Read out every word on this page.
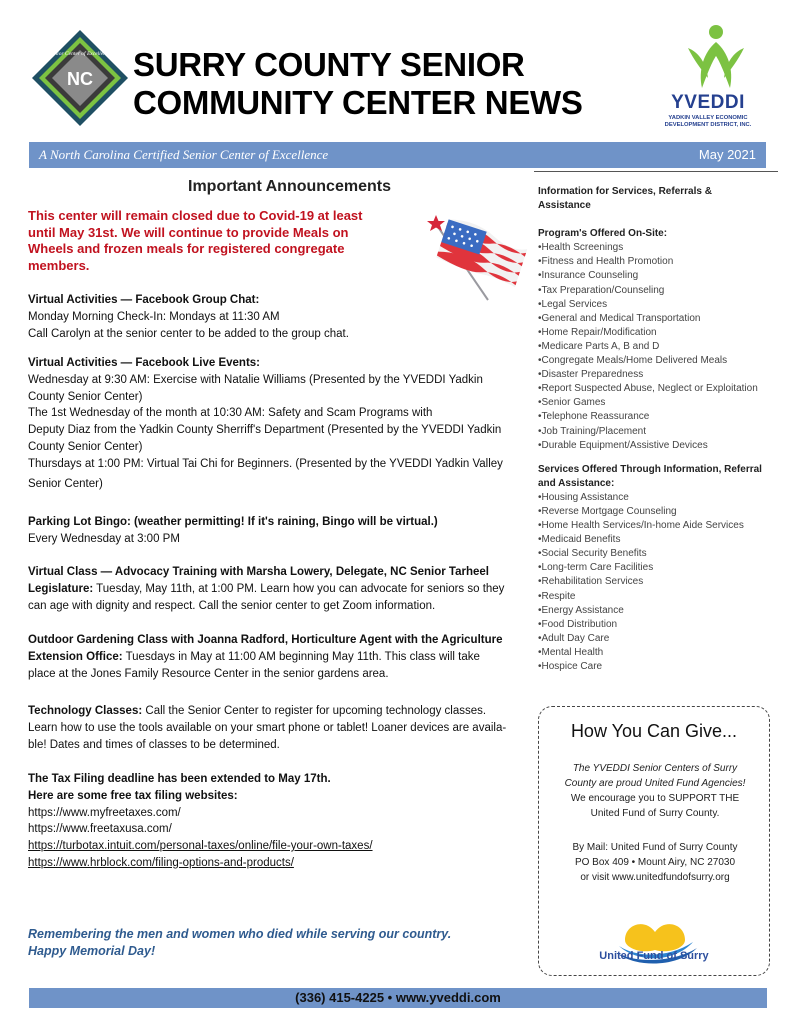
Senior Center of Excellence
NC SURRY COUNTY SENIOR
COMMUNITY CENTER NEWS	YVEDDI
YADKIN VALLEY ECONOMIC
DEVELOPMENT DISTRICT, INC.
A North Carolina Certified Senior Center of Excellence	May 2021
Important Announcements
This center will remain closed due to Covid-19 at least until May 31st. We will continue to provide Meals on Wheels and frozen meals for registered congregate members.
Virtual Activities — Facebook Group Chat:
Monday Morning Check-In: Mondays at 11:30 AM
Call Carolyn at the senior center to be added to the group chat.
Virtual Activities — Facebook Live Events:
Wednesday at 9:30 AM: Exercise with Natalie Williams (Presented by the YVEDDI Yadkin
County Senior Center)
The 1st Wednesday of the month at 10:30 AM: Safety and Scam Programs with
Deputy Diaz from the Yadkin County Sherriff's Department (Presented by the YVEDDI Yadkin
County Senior Center)
Thursdays at 1:00 PM: Virtual Tai Chi for Beginners. (Presented by the YVEDDI Yadkin Valley
Senior Center)
Parking Lot Bingo: (weather permitting! If it's raining, Bingo will be virtual.)
Every Wednesday at 3:00 PM
Virtual Class — Advocacy Training with Marsha Lowery, Delegate, NC Senior Tarheel
Legislature: Tuesday, May 11th, at 1:00 PM. Learn how you can advocate for seniors so they
can age with dignity and respect. Call the senior center to get Zoom information.
Outdoor Gardening Class with Joanna Radford, Horticulture Agent with the Agriculture
Extension Office: Tuesdays in May at 11:00 AM beginning May 11th. This class will take
place at the Jones Family Resource Center in the senior gardens area.
Technology Classes: Call the Senior Center to register for upcoming technology classes.
Learn how to use the tools available on your smart phone or tablet! Loaner devices are availa-
ble! Dates and times of classes to be determined.
The Tax Filing deadline has been extended to May 17th.
Here are some free tax filing websites:
https://www.myfreetaxes.com/
https://www.freetaxusa.com/
https://turbotax.intuit.com/personal-taxes/online/file-your-own-taxes/
https://www.hrblock.com/filing-options-and-products/
Remembering the men and women who died while serving our country.
Happy Memorial Day!
Information for Services, Referrals &
Assistance
Program's Offered On-Site:
• Health Screenings
• Fitness and Health Promotion
• Insurance Counseling
• Tax Preparation/Counseling
• Legal Services
• General and Medical Transportation
• Home Repair/Modification
• Medicare Parts A, B and D
• Congregate Meals/Home Delivered Meals
• Disaster Preparedness
• Report Suspected Abuse, Neglect or Exploitation
• Senior Games
• Telephone Reassurance
• Job Training/Placement
• Durable Equipment/Assistive Devices
Services Offered Through Information, Referral
and Assistance:
• Housing Assistance
• Reverse Mortgage Counseling
• Home Health Services/In-home Aide Services
• Medicaid Benefits
• Social Security Benefits
• Long-term Care Facilities
• Rehabilitation Services
• Respite
• Energy Assistance
• Food Distribution
• Adult Day Care
• Mental Health
• Hospice Care
How You Can Give...
The YVEDDI Senior Centers of Surry
County are proud United Fund Agencies!
We encourage you to SUPPORT THE
United Fund of Surry County.
By Mail: United Fund of Surry County
PO Box 409 • Mount Airy, NC 27030
or visit www.unitedfundofsurry.org
United Fund of Surry
(336) 415-4225 • www.yveddi.com
